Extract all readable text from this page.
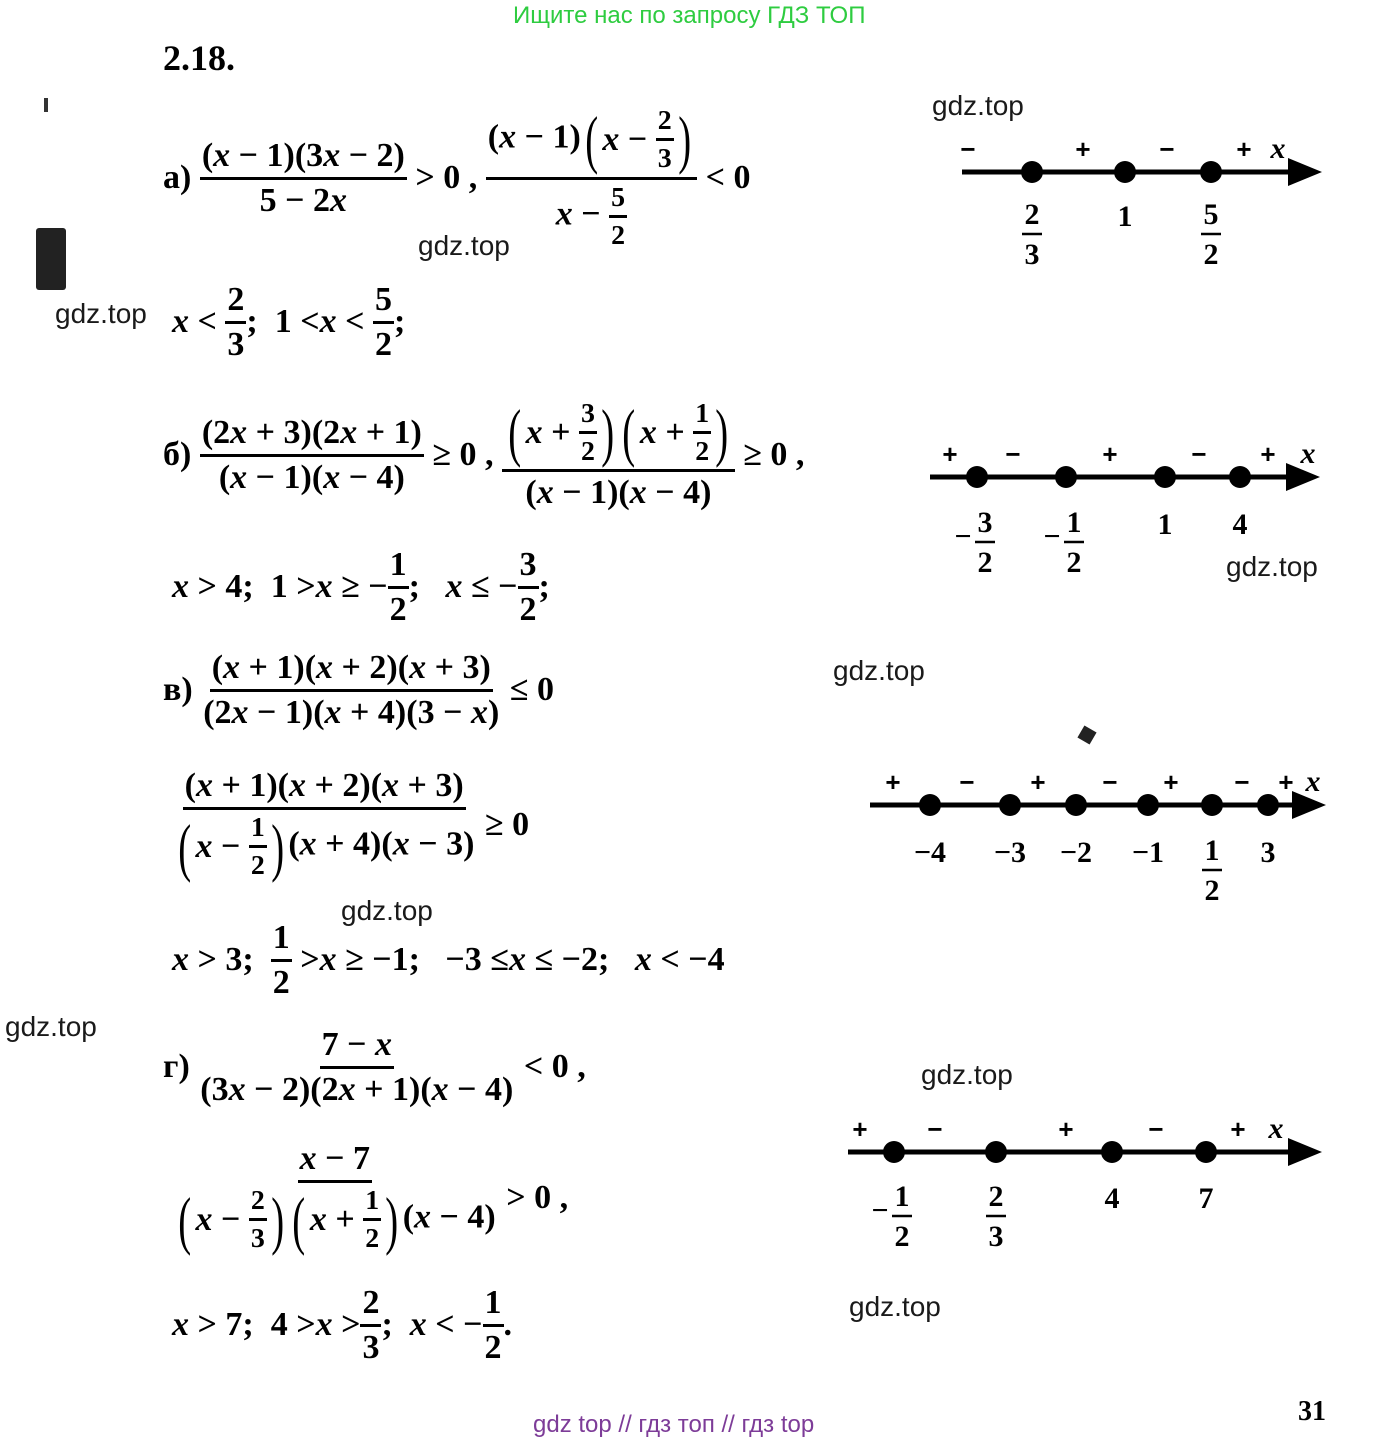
Ищите нас по запросу ГДЗ ТОП
gdz top // гдз топ // гдз top
2.18.
gdz.top
gdz.top
gdz.top
gdz.top
gdz.top
gdz.top
gdz.top
gdz.top
gdz.top
31
а)
$\frac{(x - 1)(3x - 2)}{5 - 2x} > 0$ , $\frac{(x - 1) ( x - \frac{2}{3} )}{x - \frac{5}{2}} < 0$
$x < \frac{2}{3}$ ;  $1 < x < \frac{5}{2}$ ;
б)
$\frac{(2x + 3)(2x + 1)}{(x - 1)(x - 4)} \ge 0$ , $\frac{( x + \frac{3}{2} ) ( x + \frac{1}{2} )}{(x - 1)(x - 4)} \ge 0$ ,
x > 4;  1 > x ≥ − $\frac{1}{2}$ ; x ≤ − $\frac{3}{2}$ ;
в)
$\frac{(x + 1)(x + 2)(x + 3)}{(2x - 1)(x + 4)(3 - x)} \le 0$
$\frac{(x + 1)(x + 2)(x + 3)}{( x - \frac{1}{2} ) (x + 4)(x - 3)} \ge 0$
x > 3; $\frac{1}{2} > x \ge -1$;   −3 ≤ x ≤ −2; x < −4
г)
$\frac{7 - x}{(3x - 2)(2x + 1)(x - 4)} < 0$ ,
$\frac{x - 7}{( x - \frac{2}{3} ) ( x + \frac{1}{2} ) (x - 4)} > 0$ ,
x > 7;  $4 > x > \frac{2}{3}$ ; x < − $\frac{1}{2}$ .
x
−	+	− +
2
3
1 5
2
x
+ −	+	− +
− 3
2
− 1
2
1 4
x
+ − + − + − +
−4 −3 −2 −1 1
2
3
x
+ −	+	−	+
− 1
2
2
3
4	7
